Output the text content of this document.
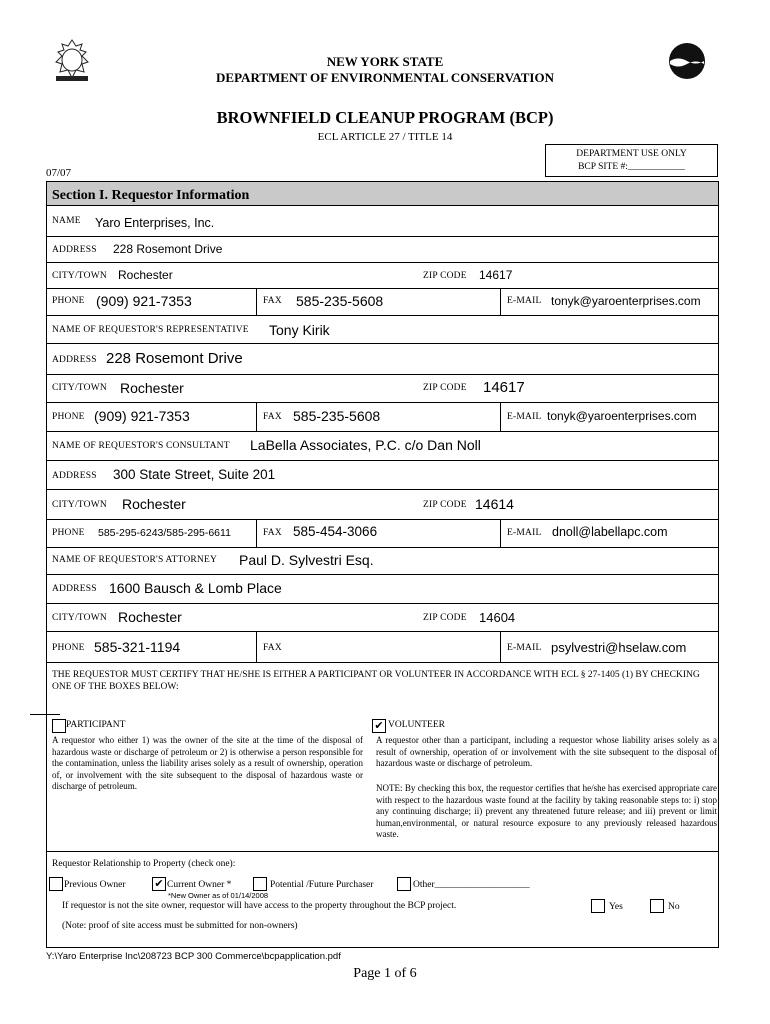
NEW YORK STATE
DEPARTMENT OF ENVIRONMENTAL CONSERVATION
BROWNFIELD CLEANUP PROGRAM (BCP)
ECL ARTICLE 27 / TITLE 14
DEPARTMENT USE ONLY
BCP SITE #:____________
07/07
Section I. Requestor Information
NAME Yaro Enterprises, Inc.
ADDRESS 228 Rosemont Drive
CITY/TOWN Rochester	ZIP CODE 14617
PHONE (909) 921-7353	FAX 585-235-5608	E-MAIL tonyk@yaroenterprises.com
NAME OF REQUESTOR'S REPRESENTATIVE Tony Kirik
ADDRESS 228 Rosemont Drive
CITY/TOWN Rochester	ZIP CODE 14617
PHONE (909) 921-7353	FAX 585-235-5608	E-MAIL tonyk@yaroenterprises.com
NAME OF REQUESTOR'S CONSULTANT LaBella Associates, P.C. c/o Dan Noll
ADDRESS 300 State Street, Suite 201
CITY/TOWN Rochester	ZIP CODE 14614
PHONE 585-295-6243/585-295-6611	FAX 585-454-3066	E-MAIL dnoll@labellapc.com
NAME OF REQUESTOR'S ATTORNEY Paul D. Sylvestri Esq.
ADDRESS 1600 Bausch & Lomb Place
CITY/TOWN Rochester	ZIP CODE 14604
PHONE 585-321-1194	FAX	E-MAIL psylvestri@hselaw.com
THE REQUESTOR MUST CERTIFY THAT HE/SHE IS EITHER A PARTICIPANT OR VOLUNTEER IN ACCORDANCE WITH ECL § 27-1405 (1) BY CHECKING ONE OF THE BOXES BELOW:
PARTICIPANT
A requestor who either 1) was the owner of the site at the time of the disposal of hazardous waste or discharge of petroleum or 2) is otherwise a person responsible for the contamination, unless the liability arises solely as a result of ownership, operation of, or involvement with the site subsequent to the disposal of hazardous waste or discharge of petroleum.
✔ VOLUNTEER
A requestor other than a participant, including a requestor whose liability arises solely as a result of ownership, operation of or involvement with the site subsequent to the disposal of hazardous waste or discharge of petroleum.
NOTE: By checking this box, the requestor certifies that he/she has exercised appropriate care with respect to the hazardous waste found at the facility by taking reasonable steps to: i) stop any continuing discharge; ii) prevent any threatened future release; and iii) prevent or limit human,environmental, or natural resource exposure to any previously released hazardous waste.
Requestor Relationship to Property (check one):
Previous Owner	✔ Current Owner *
*New Owner as of 01/14/2008
Potential /Future Purchaser	Other____________________
If requestor is not the site owner, requestor will have access to the property throughout the BCP project.	Yes	No
(Note: proof of site access must be submitted for non-owners)
Y:\Yaro Enterprise Inc\208723 BCP 300 Commerce\bcpapplication.pdf
Page 1 of 6
